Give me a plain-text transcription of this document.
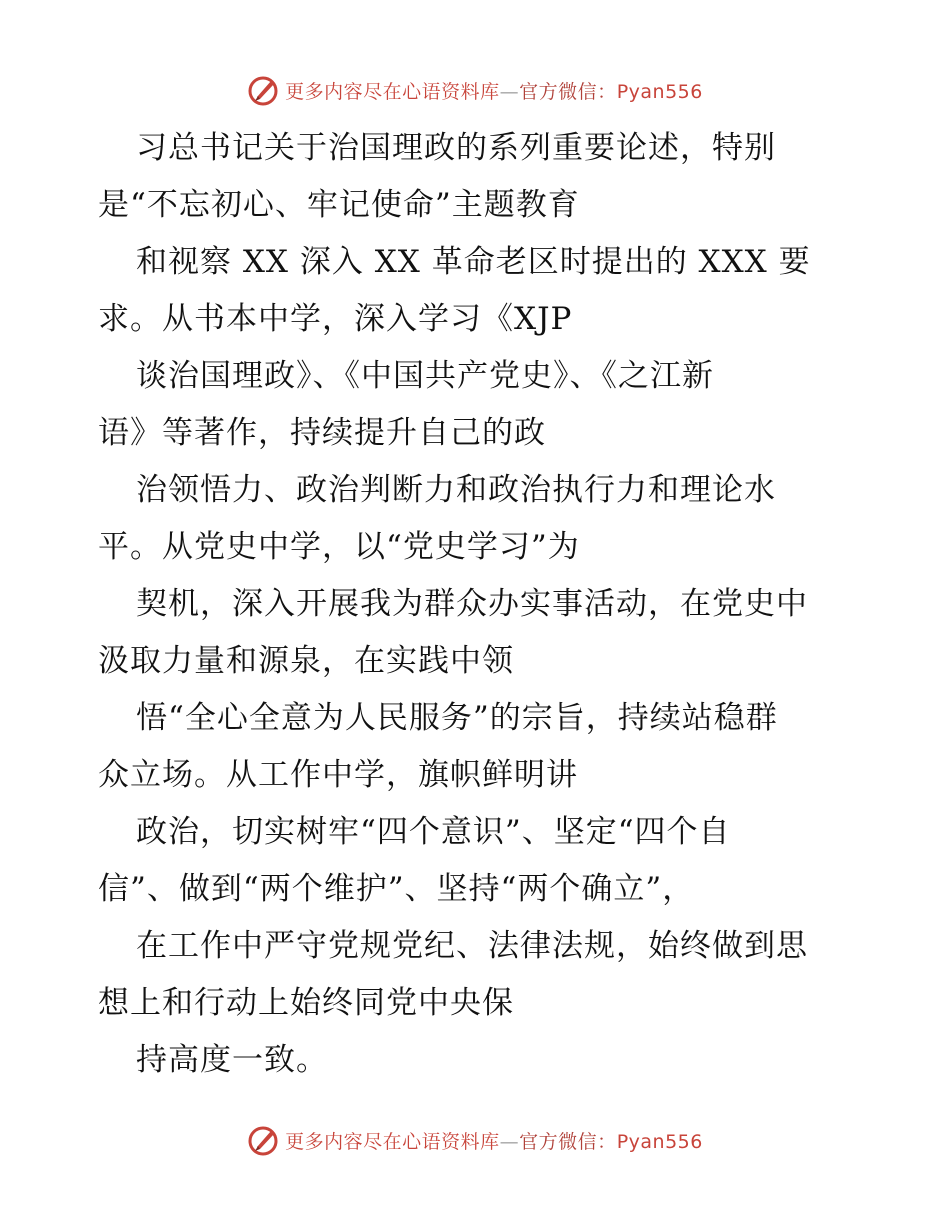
更多内容尽在心语资料库—官方微信：Pyan556
习总书记关于治国理政的系列重要论述，特别
是“不忘初心、牢记使命”主题教育
和视察 XX 深入 XX 革命老区时提出的 XXX 要
求。从书本中学，深入学习《XJP
谈治国理政》、《中国共产党史》、《之江新
语》等著作，持续提升自己的政
治领悟力、政治判断力和政治执行力和理论水
平。从党史中学，以“党史学习”为
契机，深入开展我为群众办实事活动，在党史中
汲取力量和源泉，在实践中领
悟“全心全意为人民服务”的宗旨，持续站稳群
众立场。从工作中学，旗帜鲜明讲
政治，切实树牢“四个意识”、坚定“四个自
信”、做到“两个维护”、坚持“两个确立”，
在工作中严守党规党纪、法律法规，始终做到思
想上和行动上始终同党中央保
持高度一致。
更多内容尽在心语资料库—官方微信：Pyan556
